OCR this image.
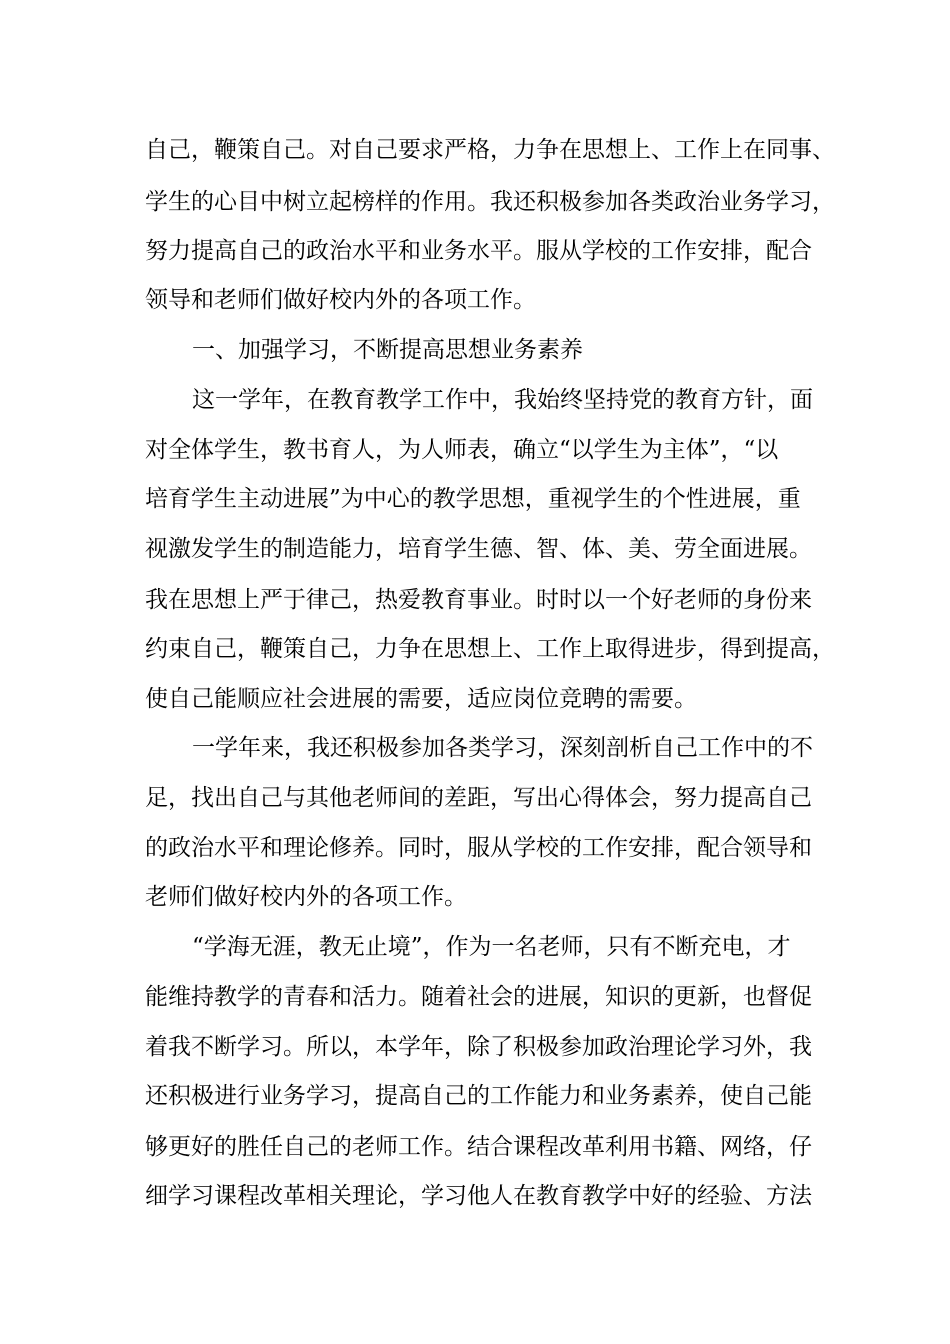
自己，鞭策自己。对自己要求严格，力争在思想上、工作上在同事、
学生的心目中树立起榜样的作用。我还积极参加各类政治业务学习，
努力提高自己的政治水平和业务水平。服从学校的工作安排，配合
领导和老师们做好校内外的各项工作。
一、加强学习，不断提高思想业务素养
这一学年，在教育教学工作中，我始终坚持党的教育方针，面
对全体学生，教书育人，为人师表，确立“以学生为主体”，“以
培育学生主动进展”为中心的教学思想，重视学生的个性进展，重
视激发学生的制造能力，培育学生德、智、体、美、劳全面进展。
我在思想上严于律己，热爱教育事业。时时以一个好老师的身份来
约束自己，鞭策自己，力争在思想上、工作上取得进步，得到提高，
使自己能顺应社会进展的需要，适应岗位竞聘的需要。
一学年来，我还积极参加各类学习，深刻剖析自己工作中的不
足，找出自己与其他老师间的差距，写出心得体会，努力提高自己
的政治水平和理论修养。同时，服从学校的工作安排，配合领导和
老师们做好校内外的各项工作。
“学海无涯，教无止境”，作为一名老师，只有不断充电，才
能维持教学的青春和活力。随着社会的进展，知识的更新，也督促
着我不断学习。所以，本学年，除了积极参加政治理论学习外，我
还积极进行业务学习，提高自己的工作能力和业务素养，使自己能
够更好的胜任自己的老师工作。结合课程改革利用书籍、网络，仔
细学习课程改革相关理论，学习他人在教育教学中好的经验、方法
